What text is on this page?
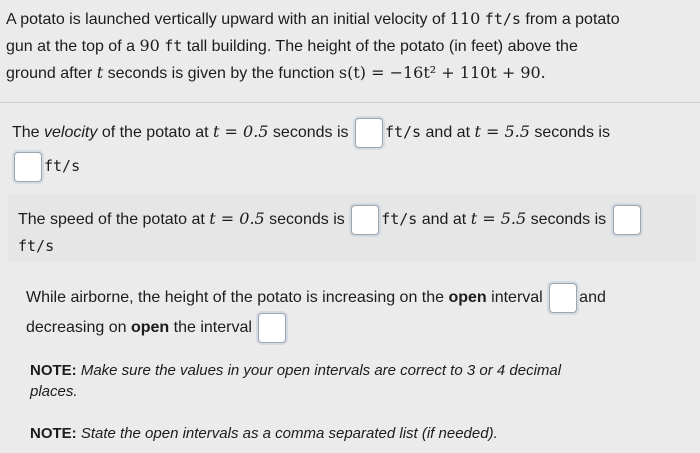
A potato is launched vertically upward with an initial velocity of 110 ft/s from a potato
gun at the top of a 90 ft tall building. The height of the potato (in feet) above the
ground after t seconds is given by the function s(t) = −16t² + 110t + 90.
The velocity of the potato at t = 0.5 seconds is ft/s and at t = 5.5 seconds is
ft/s
The speed of the potato at t = 0.5 seconds is ft/s and at t = 5.5 seconds is
ft/s
While airborne, the height of the potato is increasing on the open interval and
decreasing on open the interval
NOTE: Make sure the values in your open intervals are correct to 3 or 4 decimal
places.
NOTE: State the open intervals as a comma separated list (if needed).
